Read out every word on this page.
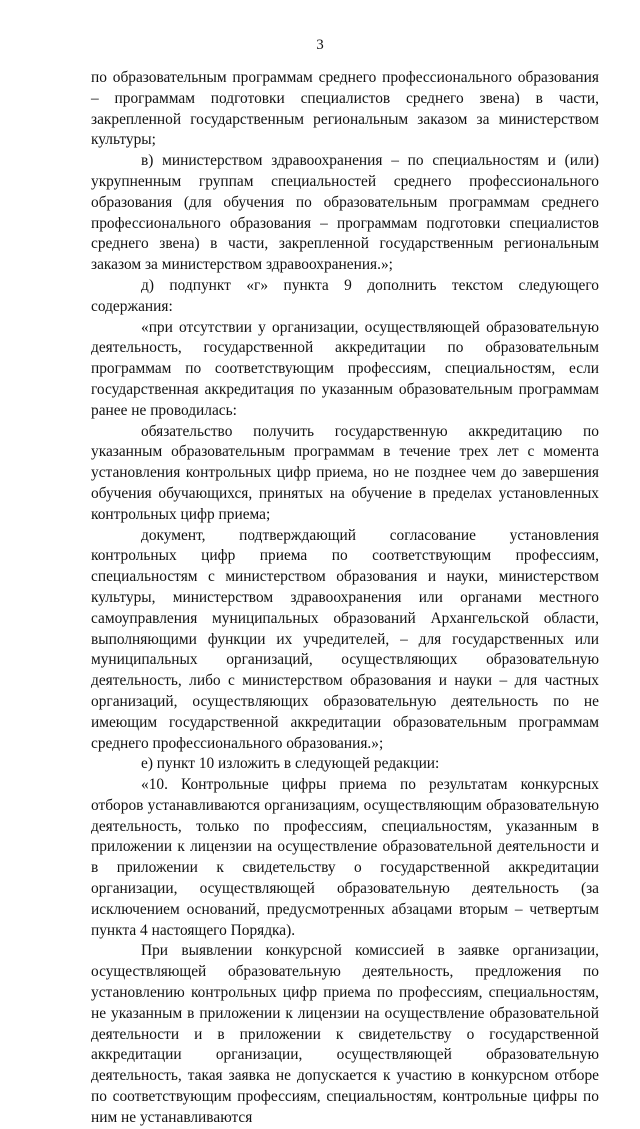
3

по образовательным программам среднего профессионального образования – программам подготовки специалистов среднего звена) в части, закрепленной государственным региональным заказом за министерством культуры;

в) министерством здравоохранения – по специальностям и (или) укрупненным группам специальностей среднего профессионального образования (для обучения по образовательным программам среднего профессионального образования – программам подготовки специалистов среднего звена) в части, закрепленной государственным региональным заказом за министерством здравоохранения.»;

д) подпункт «г» пункта 9 дополнить текстом следующего содержания:

«при отсутствии у организации, осуществляющей образовательную деятельность, государственной аккредитации по образовательным программам по соответствующим профессиям, специальностям, если государственная аккредитация по указанным образовательным программам ранее не проводилась:

обязательство получить государственную аккредитацию по указанным образовательным программам в течение трех лет с момента установления контрольных цифр приема, но не позднее чем до завершения обучения обучающихся, принятых на обучение в пределах установленных контрольных цифр приема;

документ, подтверждающий согласование установления контрольных цифр приема по соответствующим профессиям, специальностям с министерством образования и науки, министерством культуры, министерством здравоохранения или органами местного самоуправления муниципальных образований Архангельской области, выполняющими функции их учредителей, – для государственных или муниципальных организаций, осуществляющих образовательную деятельность, либо с министерством образования и науки – для частных организаций, осуществляющих образовательную деятельность по не имеющим государственной аккредитации образовательным программам среднего профессионального образования.»;

е) пункт 10 изложить в следующей редакции:

«10. Контрольные цифры приема по результатам конкурсных отборов устанавливаются организациям, осуществляющим образовательную деятельность, только по профессиям, специальностям, указанным в приложении к лицензии на осуществление образовательной деятельности и в приложении к свидетельству о государственной аккредитации организации, осуществляющей образовательную деятельность (за исключением оснований, предусмотренных абзацами вторым – четвертым пункта 4 настоящего Порядка).

При выявлении конкурсной комиссией в заявке организации, осуществляющей образовательную деятельность, предложения по установлению контрольных цифр приема по профессиям, специальностям, не указанным в приложении к лицензии на осуществление образовательной деятельности и в приложении к свидетельству о государственной аккредитации организации, осуществляющей образовательную деятельность, такая заявка не допускается к участию в конкурсном отборе по соответствующим профессиям, специальностям, контрольные цифры по ним не устанавливаются
